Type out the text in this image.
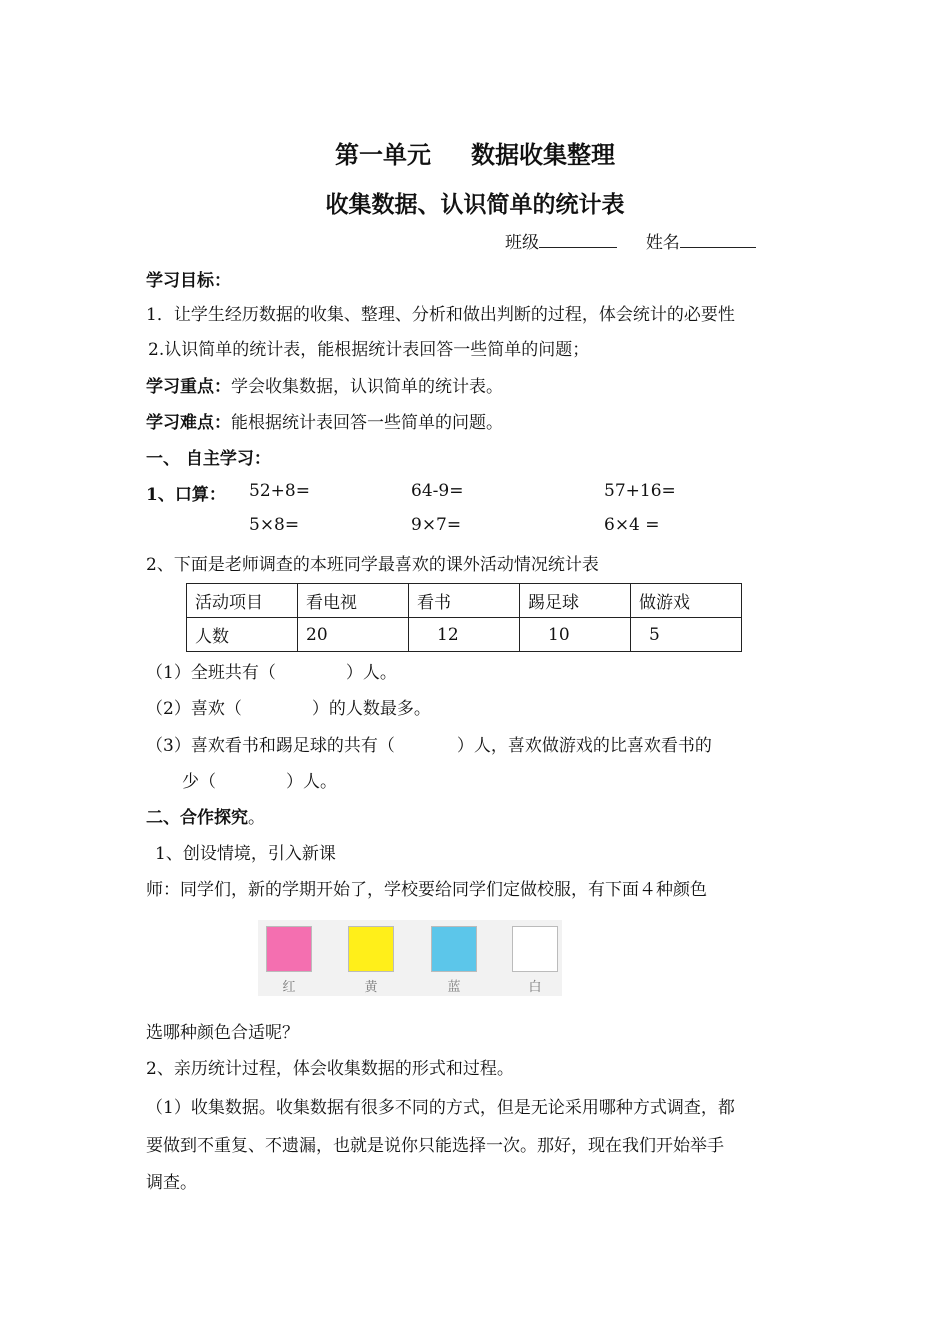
第一单元 数据收集整理
收集数据、认识简单的统计表
班级	姓名
学习目标：
1．让学生经历数据的收集、整理、分析和做出判断的过程，体会统计的必要性
2.认识简单的统计表，能根据统计表回答一些简单的问题；
学习重点：学会收集数据，认识简单的统计表。
学习难点：能根据统计表回答一些简单的问题。
一、 自主学习：
1、口算： 52+8=	64-9=	57+16=
5×8=	9×7=	6×4 =
2、下面是老师调查的本班同学最喜欢的课外活动情况统计表
活动项目	看电视	看书	踢足球	做游戏
人数	20	12	10	5
（1）全班共有（	）人。
（2）喜欢（	）的人数最多。
（3）喜欢看书和踢足球的共有（	）人，喜欢做游戏的比喜欢看书的
少（	）人。
二、合作探究。
1、创设情境，引入新课
师：同学们，新的学期开始了，学校要给同学们定做校服，有下面４种颜色
红	黄	蓝	白
选哪种颜色合适呢？
2、亲历统计过程，体会收集数据的形式和过程。
（1）收集数据。收集数据有很多不同的方式，但是无论采用哪种方式调查，都
要做到不重复、不遗漏，也就是说你只能选择一次。那好，现在我们开始举手
调查。
